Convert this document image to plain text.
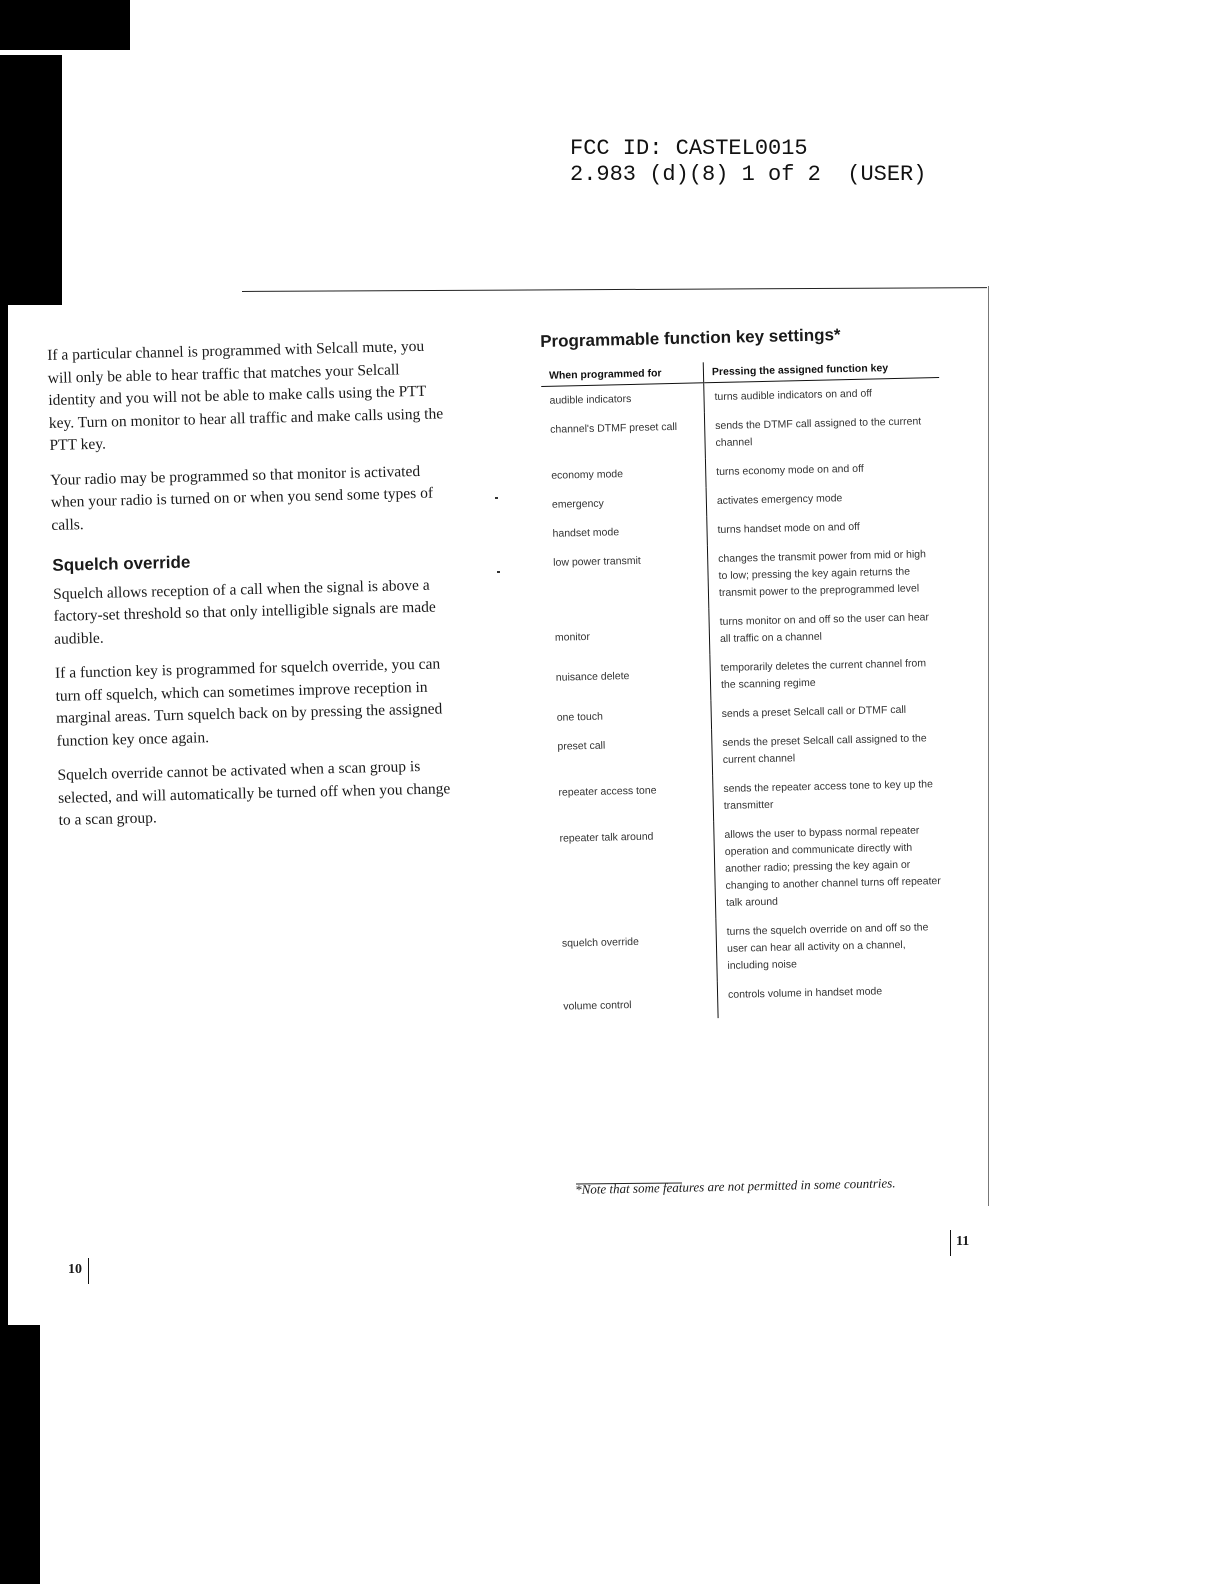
FCC ID: CASTEL0015
2.983 (d)(8) 1 of 2  (USER)

If a particular channel is programmed with Selcall mute, you will only be able to hear traffic that matches your Selcall identity and you will not be able to make calls using the PTT key. Turn on monitor to hear all traffic and make calls using the PTT key.

Your radio may be programmed so that monitor is activated when your radio is turned on or when you send some types of calls.

Squelch override

Squelch allows reception of a call when the signal is above a factory-set threshold so that only intelligible signals are made audible.

If a function key is programmed for squelch override, you can turn off squelch, which can sometimes improve reception in marginal areas. Turn squelch back on by pressing the assigned function key once again.

Squelch override cannot be activated when a scan group is selected, and will automatically be turned off when you change to a scan group.

10
Programmable function key settings*
When programmed for	Pressing the assigned function key
audible indicators	turns audible indicators on and off
channel's DTMF preset call	sends the DTMF call assigned to the current channel
economy mode	turns economy mode on and off
emergency	activates emergency mode
handset mode	turns handset mode on and off
low power transmit	changes the transmit power from mid or high to low; pressing the key again returns the transmit power to the preprogrammed level
monitor	turns monitor on and off so the user can hear all traffic on a channel
nuisance delete	temporarily deletes the current channel from the scanning regime
one touch	sends a preset Selcall call or DTMF call
preset call	sends the preset Selcall call assigned to the current channel
repeater access tone	sends the repeater access tone to key up the transmitter
repeater talk around	allows the user to bypass normal repeater operation and communicate directly with another radio; pressing the key again or changing to another channel turns off repeater talk around
squelch override	turns the squelch override on and off so the user can hear all activity on a channel, including noise
volume control	controls volume in handset mode
*Note that some features are not permitted in some countries.
11
